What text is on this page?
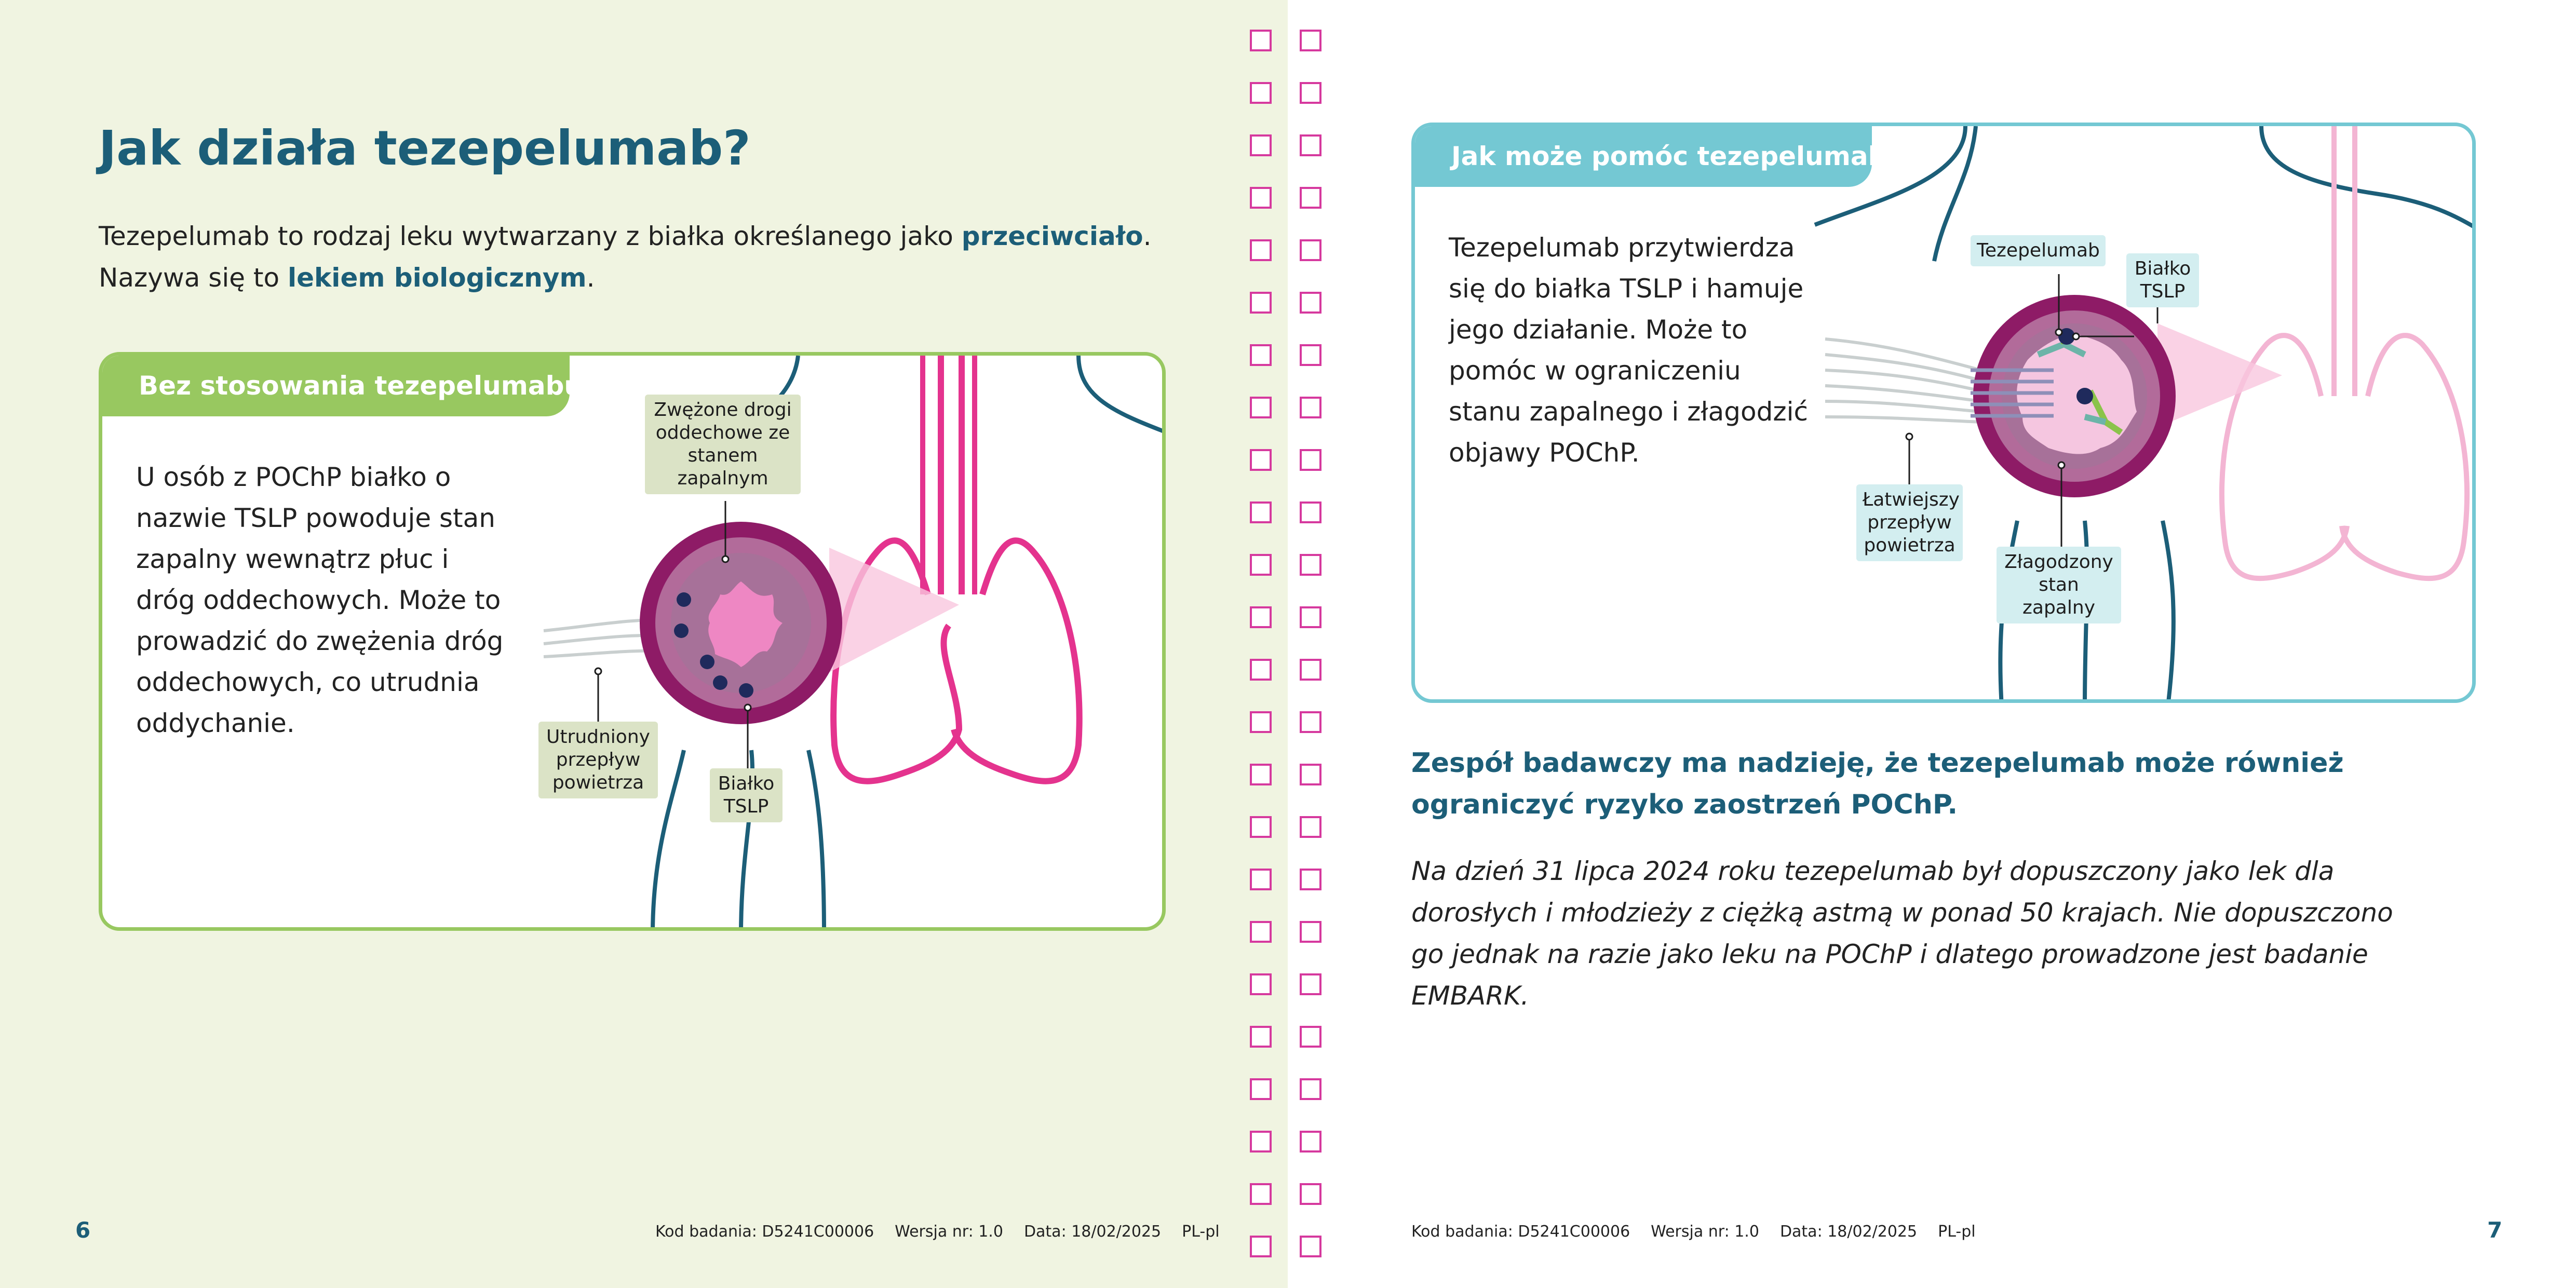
Jak działa tezepelumab?

Tezepelumab to rodzaj leku wytwarzany z białka określanego jako przeciwciało.
Nazywa się to lekiem biologicznym.

Bez stosowania tezepelumabu

U osób z POChP białko o nazwie TSLP powoduje stan zapalny wewnątrz płuc i dróg oddechowych. Może to prowadzić do zwężenia dróg oddechowych, co utrudnia oddychanie.

Zwężone drogi oddechowe ze stanem zapalnym
Utrudniony przepływ powietrza	Białko TSLP
6	Kod badania: D5241C00006 Wersja nr: 1.0 Data: 18/02/2025 PL-pl
Jak może pomóc tezepelumab

Tezepelumab przytwierdza się do białka TSLP i hamuje jego działanie. Może to pomóc w ograniczeniu stanu zapalnego i złagodzić objawy POChP.

Tezepelumab
Białko TSLP
Łatwiejszy przepływ powietrza
Złagodzony stan zapalny

Zespół badawczy ma nadzieję, że tezepelumab może również ograniczyć ryzyko zaostrzeń POChP.

Na dzień 31 lipca 2024 roku tezepelumab był dopuszczony jako lek dla dorosłych i młodzieży z ciężką astmą w ponad 50 krajach. Nie dopuszczono go jednak na razie jako leku na POChP i dlatego prowadzone jest badanie EMBARK.

7
Kod badania: D5241C00006 Wersja nr: 1.0 Data: 18/02/2025 PL-pl
